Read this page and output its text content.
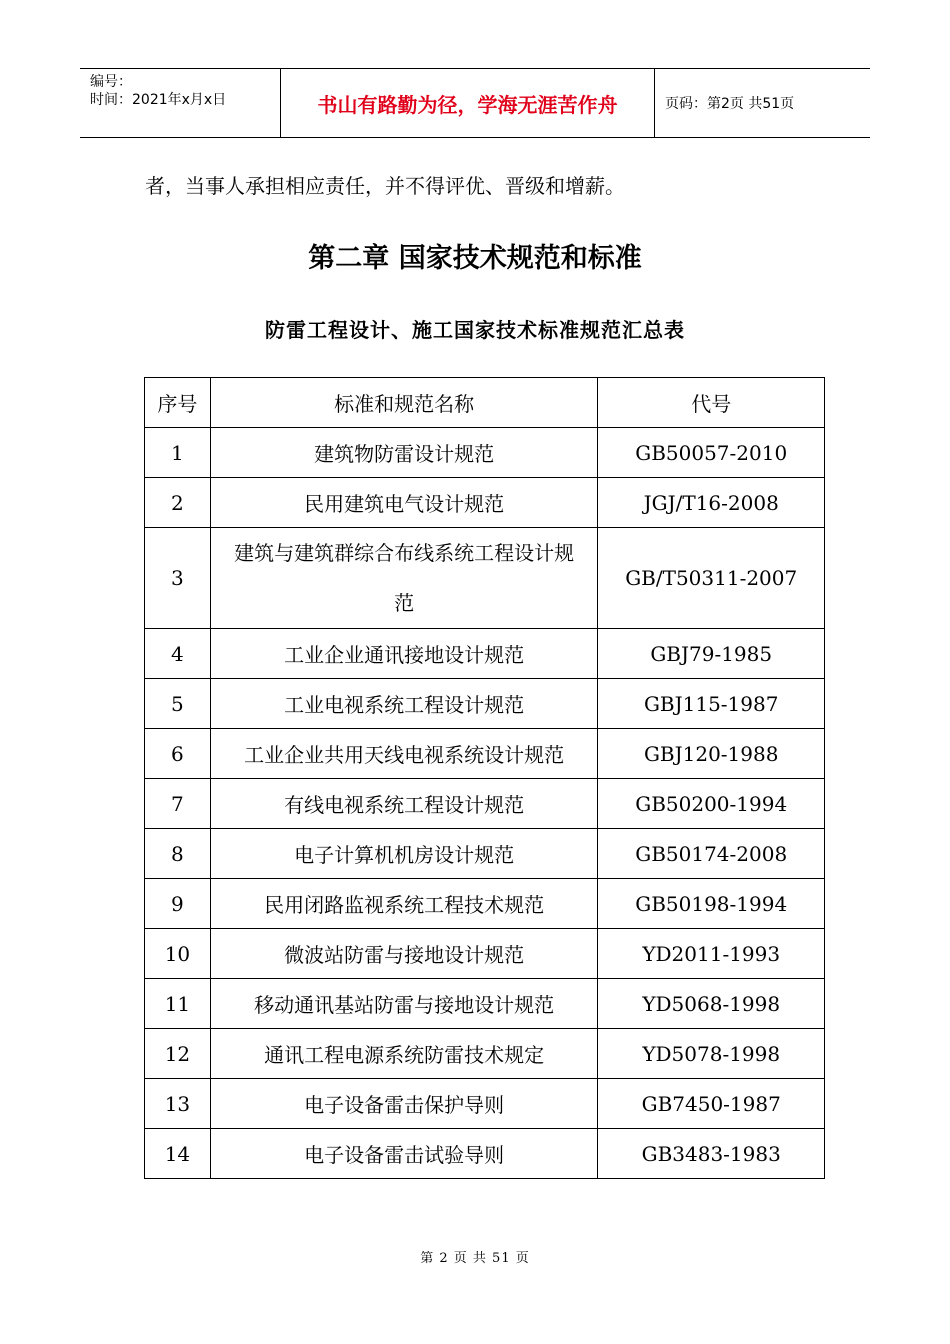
编号：
时间：2021年x月x日	书山有路勤为径，学海无涯苦作舟	页码：第2页 共51页
者，当事人承担相应责任，并不得评优、晋级和增薪。
第二章 国家技术规范和标准
防雷工程设计、施工国家技术标准规范汇总表
序号	标准和规范名称	代号
1	建筑物防雷设计规范	GB50057-2010
2	民用建筑电气设计规范	JGJ/T16-2008
3	建筑与建筑群综合布线系统工程设计规范	GB/T50311-2007
4	工业企业通讯接地设计规范	GBJ79-1985
5	工业电视系统工程设计规范	GBJ115-1987
6	工业企业共用天线电视系统设计规范	GBJ120-1988
7	有线电视系统工程设计规范	GB50200-1994
8	电子计算机机房设计规范	GB50174-2008
9	民用闭路监视系统工程技术规范	GB50198-1994
10	微波站防雷与接地设计规范	YD2011-1993
11	移动通讯基站防雷与接地设计规范	YD5068-1998
12	通讯工程电源系统防雷技术规定	YD5078-1998
13	电子设备雷击保护导则	GB7450-1987
14	电子设备雷击试验导则	GB3483-1983
第 2 页 共 51 页
